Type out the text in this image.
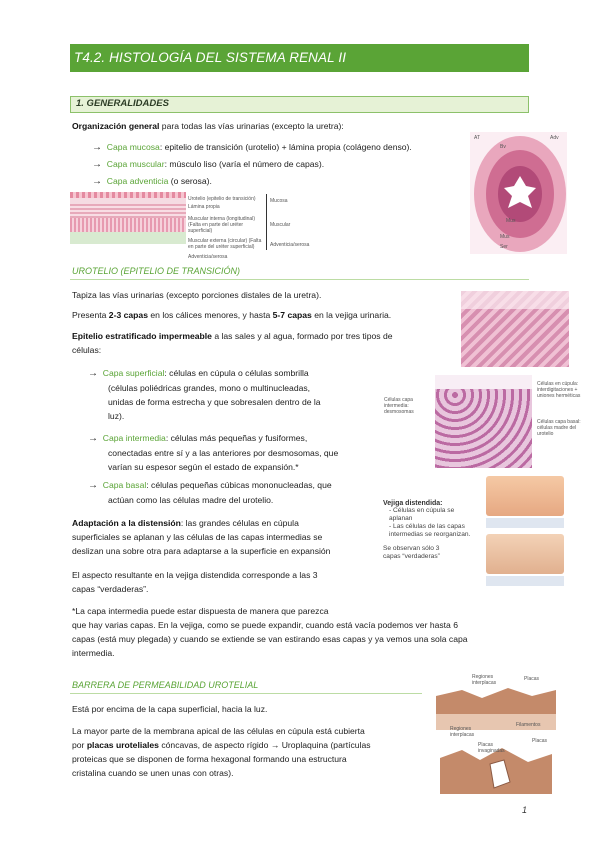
T4.2. HISTOLOGÍA DEL SISTEMA RENAL II
1. GENERALIDADES
Organización general para todas las vías urinarias (excepto la uretra):
→ Capa mucosa: epitelio de transición (urotelio) + lámina propia (colágeno denso).
→ Capa muscular: músculo liso (varía el número de capas).
→ Capa adventicia (o serosa).
Urotelio (epitelio de transición)
Lámina propia
Muscular interna (longitudinal) (Falta en parte del uréter superficial)
Muscular externa (circular) (Falta en parte del uréter superficial)
Adventicia/serosa
Mucosa
Muscular
Adventicia/serosa
AT	Adv
Bv
Mus
Mus
Ser
UROTELIO (EPITELIO DE TRANSICIÓN)
Tapiza las vías urinarias (excepto porciones distales de la uretra).
Presenta 2-3 capas en los cálices menores, y hasta 5-7 capas en la vejiga urinaria.
Epitelio estratificado impermeable a las sales y al agua, formado por tres tipos de
células:
→ Capa superficial: células en cúpula o células sombrilla
(células poliédricas grandes, mono o multinucleadas,
unidas de forma estrecha y que sobresalen dentro de la
luz).
→ Capa intermedia: células más pequeñas y fusiformes,
conectadas entre sí y a las anteriores por desmosomas, que
varían su espesor según el estado de expansión.*
→ Capa basal: células pequeñas cúbicas mononucleadas, que
actúan como las células madre del urotelio.
Adaptación a la distensión: las grandes células en cúpula
superficiales se aplanan y las células de las capas intermedias se
deslizan una sobre otra para adaptarse a la superficie en expansión
El aspecto resultante en la vejiga distendida corresponde a las 3
capas “verdaderas”.
*La capa intermedia puede estar dispuesta de manera que parezca
que hay varias capas. En la vejiga, como se puede expandir, cuando está vacía podemos ver hasta 6
capas (está muy plegada) y cuando se extiende se van estirando esas capas y ya vemos una sola capa
intermedia.
Células capa intermedia: desmosomas
Células en cúpula: interdigitaciones + uniones herméticas
Células capa basal: células madre del urotelio
Vejiga distendida:
- Células en cúpula se aplanan
- Las células de las capas intermedias se reorganizan.
Se observan sólo 3
capas “verdaderas”
BARRERA DE PERMEABILIDAD UROTELIAL
Está por encima de la capa superficial, hacia la luz.
La mayor parte de la membrana apical de las células en cúpula está cubierta
por placas uroteliales cóncavas, de aspecto rígido → Uroplaquina (partículas
proteicas que se disponen de forma hexagonal formando una estructura
cristalina cuando se unen unas con otras).
Regiones interplacas
Placas
Filamentos
Regiones interplacas
Placas invaginadas
Placas
1
